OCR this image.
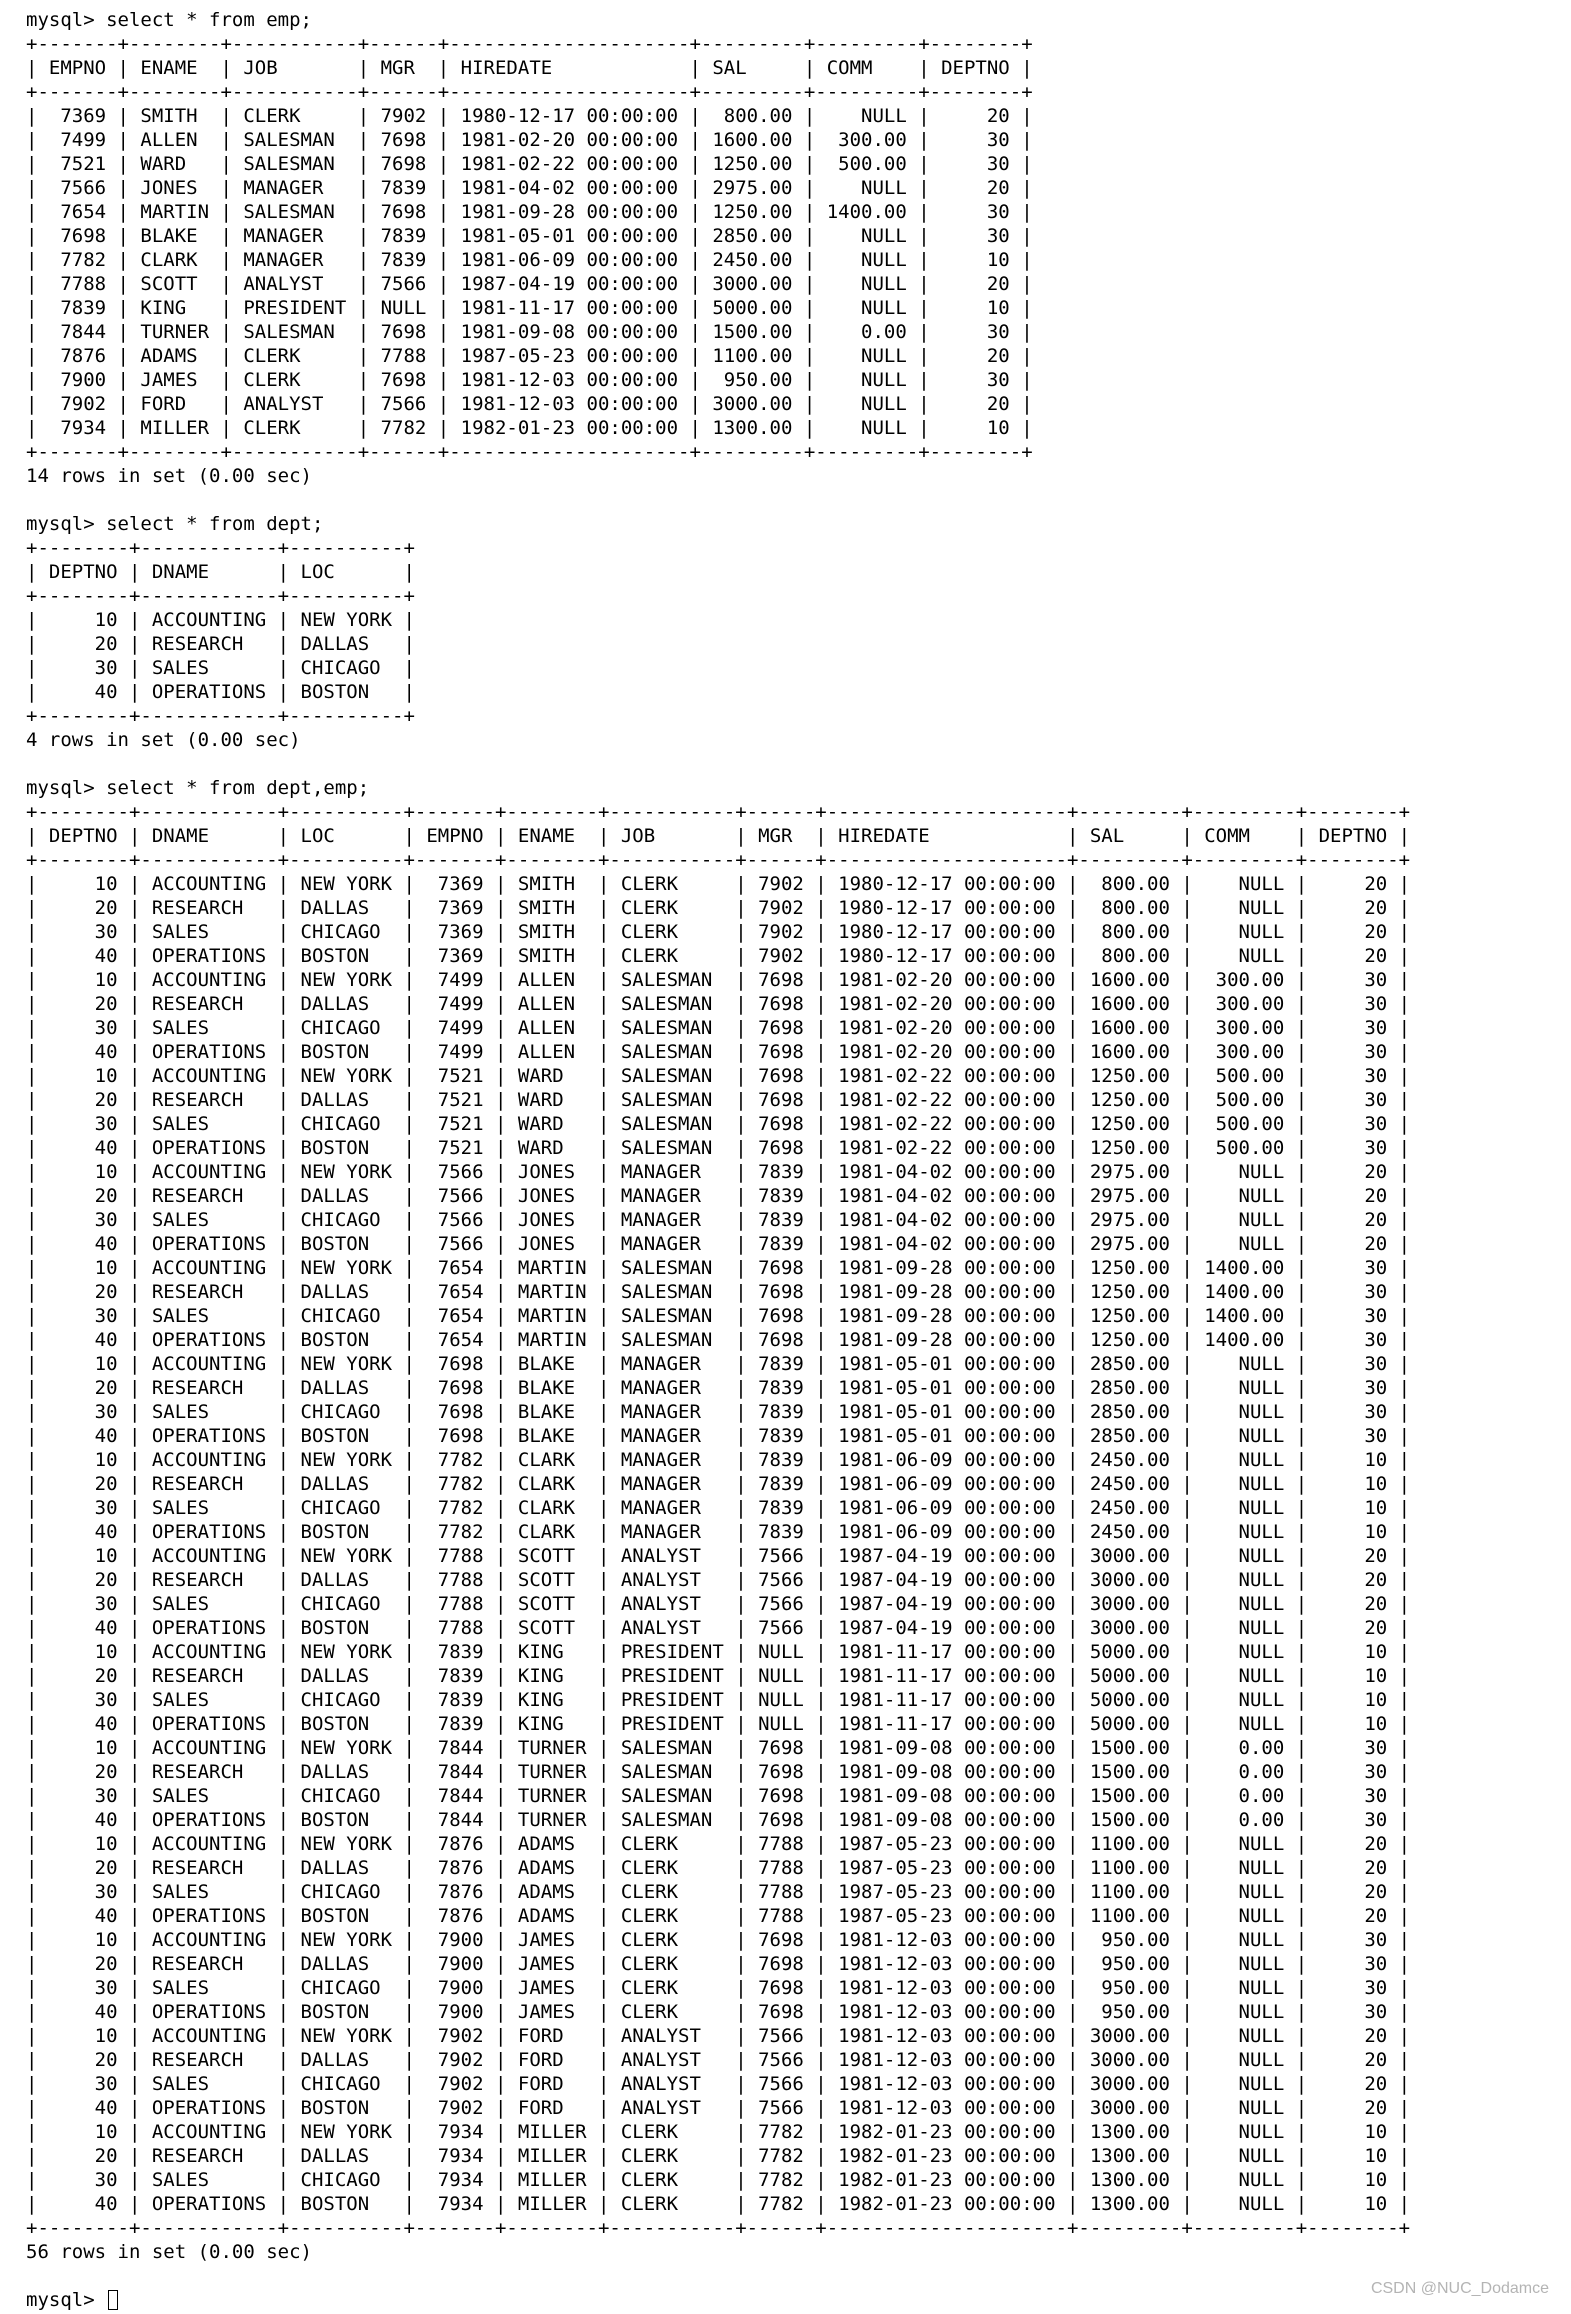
mysql> select * from emp;
+-------+--------+-----------+------+---------------------+---------+---------+--------+
| EMPNO | ENAME  | JOB       | MGR  | HIREDATE            | SAL     | COMM    | DEPTNO |
+-------+--------+-----------+------+---------------------+---------+---------+--------+
|  7369 | SMITH  | CLERK     | 7902 | 1980-12-17 00:00:00 |  800.00 |    NULL |     20 |
|  7499 | ALLEN  | SALESMAN  | 7698 | 1981-02-20 00:00:00 | 1600.00 |  300.00 |     30 |
|  7521 | WARD   | SALESMAN  | 7698 | 1981-02-22 00:00:00 | 1250.00 |  500.00 |     30 |
|  7566 | JONES  | MANAGER   | 7839 | 1981-04-02 00:00:00 | 2975.00 |    NULL |     20 |
|  7654 | MARTIN | SALESMAN  | 7698 | 1981-09-28 00:00:00 | 1250.00 | 1400.00 |     30 |
|  7698 | BLAKE  | MANAGER   | 7839 | 1981-05-01 00:00:00 | 2850.00 |    NULL |     30 |
|  7782 | CLARK  | MANAGER   | 7839 | 1981-06-09 00:00:00 | 2450.00 |    NULL |     10 |
|  7788 | SCOTT  | ANALYST   | 7566 | 1987-04-19 00:00:00 | 3000.00 |    NULL |     20 |
|  7839 | KING   | PRESIDENT | NULL | 1981-11-17 00:00:00 | 5000.00 |    NULL |     10 |
|  7844 | TURNER | SALESMAN  | 7698 | 1981-09-08 00:00:00 | 1500.00 |    0.00 |     30 |
|  7876 | ADAMS  | CLERK     | 7788 | 1987-05-23 00:00:00 | 1100.00 |    NULL |     20 |
|  7900 | JAMES  | CLERK     | 7698 | 1981-12-03 00:00:00 |  950.00 |    NULL |     30 |
|  7902 | FORD   | ANALYST   | 7566 | 1981-12-03 00:00:00 | 3000.00 |    NULL |     20 |
|  7934 | MILLER | CLERK     | 7782 | 1982-01-23 00:00:00 | 1300.00 |    NULL |     10 |
+-------+--------+-----------+------+---------------------+---------+---------+--------+
14 rows in set (0.00 sec)
mysql> select * from dept;
+--------+------------+----------+
| DEPTNO | DNAME      | LOC      |
+--------+------------+----------+
|     10 | ACCOUNTING | NEW YORK |
|     20 | RESEARCH   | DALLAS   |
|     30 | SALES      | CHICAGO  |
|     40 | OPERATIONS | BOSTON   |
+--------+------------+----------+
4 rows in set (0.00 sec)
mysql> select * from dept,emp;
+--------+------------+----------+-------+--------+-----------+------+---------------------+---------+---------+--------+
| DEPTNO | DNAME      | LOC      | EMPNO | ENAME  | JOB       | MGR  | HIREDATE            | SAL     | COMM    | DEPTNO |
+--------+------------+----------+-------+--------+-----------+------+---------------------+---------+---------+--------+
|     10 | ACCOUNTING | NEW YORK |  7369 | SMITH  | CLERK     | 7902 | 1980-12-17 00:00:00 |  800.00 |    NULL |     20 |
|     20 | RESEARCH   | DALLAS   |  7369 | SMITH  | CLERK     | 7902 | 1980-12-17 00:00:00 |  800.00 |    NULL |     20 |
|     30 | SALES      | CHICAGO  |  7369 | SMITH  | CLERK     | 7902 | 1980-12-17 00:00:00 |  800.00 |    NULL |     20 |
|     40 | OPERATIONS | BOSTON   |  7369 | SMITH  | CLERK     | 7902 | 1980-12-17 00:00:00 |  800.00 |    NULL |     20 |
|     10 | ACCOUNTING | NEW YORK |  7499 | ALLEN  | SALESMAN  | 7698 | 1981-02-20 00:00:00 | 1600.00 |  300.00 |     30 |
|     20 | RESEARCH   | DALLAS   |  7499 | ALLEN  | SALESMAN  | 7698 | 1981-02-20 00:00:00 | 1600.00 |  300.00 |     30 |
|     30 | SALES      | CHICAGO  |  7499 | ALLEN  | SALESMAN  | 7698 | 1981-02-20 00:00:00 | 1600.00 |  300.00 |     30 |
|     40 | OPERATIONS | BOSTON   |  7499 | ALLEN  | SALESMAN  | 7698 | 1981-02-20 00:00:00 | 1600.00 |  300.00 |     30 |
|     10 | ACCOUNTING | NEW YORK |  7521 | WARD   | SALESMAN  | 7698 | 1981-02-22 00:00:00 | 1250.00 |  500.00 |     30 |
|     20 | RESEARCH   | DALLAS   |  7521 | WARD   | SALESMAN  | 7698 | 1981-02-22 00:00:00 | 1250.00 |  500.00 |     30 |
|     30 | SALES      | CHICAGO  |  7521 | WARD   | SALESMAN  | 7698 | 1981-02-22 00:00:00 | 1250.00 |  500.00 |     30 |
|     40 | OPERATIONS | BOSTON   |  7521 | WARD   | SALESMAN  | 7698 | 1981-02-22 00:00:00 | 1250.00 |  500.00 |     30 |
|     10 | ACCOUNTING | NEW YORK |  7566 | JONES  | MANAGER   | 7839 | 1981-04-02 00:00:00 | 2975.00 |    NULL |     20 |
|     20 | RESEARCH   | DALLAS   |  7566 | JONES  | MANAGER   | 7839 | 1981-04-02 00:00:00 | 2975.00 |    NULL |     20 |
|     30 | SALES      | CHICAGO  |  7566 | JONES  | MANAGER   | 7839 | 1981-04-02 00:00:00 | 2975.00 |    NULL |     20 |
|     40 | OPERATIONS | BOSTON   |  7566 | JONES  | MANAGER   | 7839 | 1981-04-02 00:00:00 | 2975.00 |    NULL |     20 |
|     10 | ACCOUNTING | NEW YORK |  7654 | MARTIN | SALESMAN  | 7698 | 1981-09-28 00:00:00 | 1250.00 | 1400.00 |     30 |
|     20 | RESEARCH   | DALLAS   |  7654 | MARTIN | SALESMAN  | 7698 | 1981-09-28 00:00:00 | 1250.00 | 1400.00 |     30 |
|     30 | SALES      | CHICAGO  |  7654 | MARTIN | SALESMAN  | 7698 | 1981-09-28 00:00:00 | 1250.00 | 1400.00 |     30 |
|     40 | OPERATIONS | BOSTON   |  7654 | MARTIN | SALESMAN  | 7698 | 1981-09-28 00:00:00 | 1250.00 | 1400.00 |     30 |
|     10 | ACCOUNTING | NEW YORK |  7698 | BLAKE  | MANAGER   | 7839 | 1981-05-01 00:00:00 | 2850.00 |    NULL |     30 |
|     20 | RESEARCH   | DALLAS   |  7698 | BLAKE  | MANAGER   | 7839 | 1981-05-01 00:00:00 | 2850.00 |    NULL |     30 |
|     30 | SALES      | CHICAGO  |  7698 | BLAKE  | MANAGER   | 7839 | 1981-05-01 00:00:00 | 2850.00 |    NULL |     30 |
|     40 | OPERATIONS | BOSTON   |  7698 | BLAKE  | MANAGER   | 7839 | 1981-05-01 00:00:00 | 2850.00 |    NULL |     30 |
|     10 | ACCOUNTING | NEW YORK |  7782 | CLARK  | MANAGER   | 7839 | 1981-06-09 00:00:00 | 2450.00 |    NULL |     10 |
|     20 | RESEARCH   | DALLAS   |  7782 | CLARK  | MANAGER   | 7839 | 1981-06-09 00:00:00 | 2450.00 |    NULL |     10 |
|     30 | SALES      | CHICAGO  |  7782 | CLARK  | MANAGER   | 7839 | 1981-06-09 00:00:00 | 2450.00 |    NULL |     10 |
|     40 | OPERATIONS | BOSTON   |  7782 | CLARK  | MANAGER   | 7839 | 1981-06-09 00:00:00 | 2450.00 |    NULL |     10 |
|     10 | ACCOUNTING | NEW YORK |  7788 | SCOTT  | ANALYST   | 7566 | 1987-04-19 00:00:00 | 3000.00 |    NULL |     20 |
|     20 | RESEARCH   | DALLAS   |  7788 | SCOTT  | ANALYST   | 7566 | 1987-04-19 00:00:00 | 3000.00 |    NULL |     20 |
|     30 | SALES      | CHICAGO  |  7788 | SCOTT  | ANALYST   | 7566 | 1987-04-19 00:00:00 | 3000.00 |    NULL |     20 |
|     40 | OPERATIONS | BOSTON   |  7788 | SCOTT  | ANALYST   | 7566 | 1987-04-19 00:00:00 | 3000.00 |    NULL |     20 |
|     10 | ACCOUNTING | NEW YORK |  7839 | KING   | PRESIDENT | NULL | 1981-11-17 00:00:00 | 5000.00 |    NULL |     10 |
|     20 | RESEARCH   | DALLAS   |  7839 | KING   | PRESIDENT | NULL | 1981-11-17 00:00:00 | 5000.00 |    NULL |     10 |
|     30 | SALES      | CHICAGO  |  7839 | KING   | PRESIDENT | NULL | 1981-11-17 00:00:00 | 5000.00 |    NULL |     10 |
|     40 | OPERATIONS | BOSTON   |  7839 | KING   | PRESIDENT | NULL | 1981-11-17 00:00:00 | 5000.00 |    NULL |     10 |
|     10 | ACCOUNTING | NEW YORK |  7844 | TURNER | SALESMAN  | 7698 | 1981-09-08 00:00:00 | 1500.00 |    0.00 |     30 |
|     20 | RESEARCH   | DALLAS   |  7844 | TURNER | SALESMAN  | 7698 | 1981-09-08 00:00:00 | 1500.00 |    0.00 |     30 |
|     30 | SALES      | CHICAGO  |  7844 | TURNER | SALESMAN  | 7698 | 1981-09-08 00:00:00 | 1500.00 |    0.00 |     30 |
|     40 | OPERATIONS | BOSTON   |  7844 | TURNER | SALESMAN  | 7698 | 1981-09-08 00:00:00 | 1500.00 |    0.00 |     30 |
|     10 | ACCOUNTING | NEW YORK |  7876 | ADAMS  | CLERK     | 7788 | 1987-05-23 00:00:00 | 1100.00 |    NULL |     20 |
|     20 | RESEARCH   | DALLAS   |  7876 | ADAMS  | CLERK     | 7788 | 1987-05-23 00:00:00 | 1100.00 |    NULL |     20 |
|     30 | SALES      | CHICAGO  |  7876 | ADAMS  | CLERK     | 7788 | 1987-05-23 00:00:00 | 1100.00 |    NULL |     20 |
|     40 | OPERATIONS | BOSTON   |  7876 | ADAMS  | CLERK     | 7788 | 1987-05-23 00:00:00 | 1100.00 |    NULL |     20 |
|     10 | ACCOUNTING | NEW YORK |  7900 | JAMES  | CLERK     | 7698 | 1981-12-03 00:00:00 |  950.00 |    NULL |     30 |
|     20 | RESEARCH   | DALLAS   |  7900 | JAMES  | CLERK     | 7698 | 1981-12-03 00:00:00 |  950.00 |    NULL |     30 |
|     30 | SALES      | CHICAGO  |  7900 | JAMES  | CLERK     | 7698 | 1981-12-03 00:00:00 |  950.00 |    NULL |     30 |
|     40 | OPERATIONS | BOSTON   |  7900 | JAMES  | CLERK     | 7698 | 1981-12-03 00:00:00 |  950.00 |    NULL |     30 |
|     10 | ACCOUNTING | NEW YORK |  7902 | FORD   | ANALYST   | 7566 | 1981-12-03 00:00:00 | 3000.00 |    NULL |     20 |
|     20 | RESEARCH   | DALLAS   |  7902 | FORD   | ANALYST   | 7566 | 1981-12-03 00:00:00 | 3000.00 |    NULL |     20 |
|     30 | SALES      | CHICAGO  |  7902 | FORD   | ANALYST   | 7566 | 1981-12-03 00:00:00 | 3000.00 |    NULL |     20 |
|     40 | OPERATIONS | BOSTON   |  7902 | FORD   | ANALYST   | 7566 | 1981-12-03 00:00:00 | 3000.00 |    NULL |     20 |
|     10 | ACCOUNTING | NEW YORK |  7934 | MILLER | CLERK     | 7782 | 1982-01-23 00:00:00 | 1300.00 |    NULL |     10 |
|     20 | RESEARCH   | DALLAS   |  7934 | MILLER | CLERK     | 7782 | 1982-01-23 00:00:00 | 1300.00 |    NULL |     10 |
|     30 | SALES      | CHICAGO  |  7934 | MILLER | CLERK     | 7782 | 1982-01-23 00:00:00 | 1300.00 |    NULL |     10 |
|     40 | OPERATIONS | BOSTON   |  7934 | MILLER | CLERK     | 7782 | 1982-01-23 00:00:00 | 1300.00 |    NULL |     10 |
+--------+------------+----------+-------+--------+-----------+------+---------------------+---------+---------+--------+
56 rows in set (0.00 sec)
mysql>
CSDN @NUC_Dodamce
